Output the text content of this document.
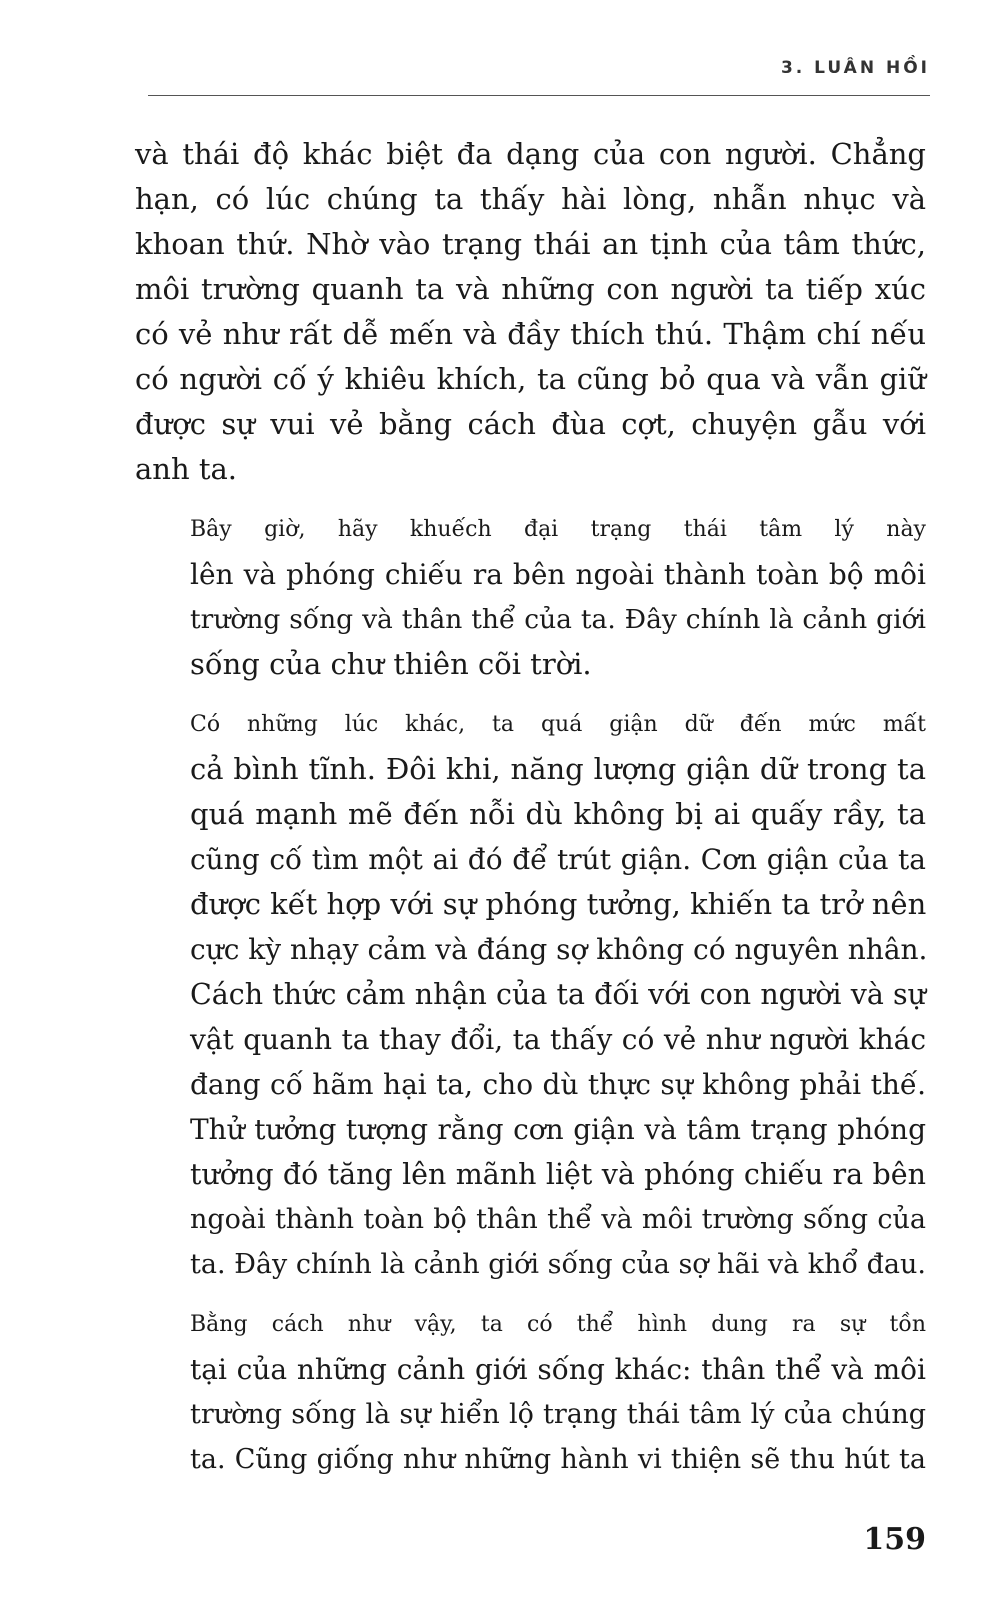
3. LUÂN HỒI

và thái độ khác biệt đa dạng của con người. Chẳng
hạn, có lúc chúng ta thấy hài lòng, nhẫn nhục và
khoan thứ. Nhờ vào trạng thái an tịnh của tâm thức,
môi trường quanh ta và những con người ta tiếp xúc
có vẻ như rất dễ mến và đầy thích thú. Thậm chí nếu
có người cố ý khiêu khích, ta cũng bỏ qua và vẫn giữ
được sự vui vẻ bằng cách đùa cợt, chuyện gẫu với
anh ta.

Bây giờ, hãy khuếch đại trạng thái tâm lý này
lên và phóng chiếu ra bên ngoài thành toàn bộ môi
trường sống và thân thể của ta. Đây chính là cảnh giới
sống của chư thiên cõi trời.

Có những lúc khác, ta quá giận dữ đến mức mất
cả bình tĩnh. Đôi khi, năng lượng giận dữ trong ta
quá mạnh mẽ đến nỗi dù không bị ai quấy rầy, ta
cũng cố tìm một ai đó để trút giận. Cơn giận của ta
được kết hợp với sự phóng tưởng, khiến ta trở nên
cực kỳ nhạy cảm và đáng sợ không có nguyên nhân.
Cách thức cảm nhận của ta đối với con người và sự
vật quanh ta thay đổi, ta thấy có vẻ như người khác
đang cố hãm hại ta, cho dù thực sự không phải thế.
Thử tưởng tượng rằng cơn giận và tâm trạng phóng
tưởng đó tăng lên mãnh liệt và phóng chiếu ra bên
ngoài thành toàn bộ thân thể và môi trường sống của
ta. Đây chính là cảnh giới sống của sợ hãi và khổ đau.

Bằng cách như vậy, ta có thể hình dung ra sự tồn
tại của những cảnh giới sống khác: thân thể và môi
trường sống là sự hiển lộ trạng thái tâm lý của chúng
ta. Cũng giống như những hành vi thiện sẽ thu hút ta

159
